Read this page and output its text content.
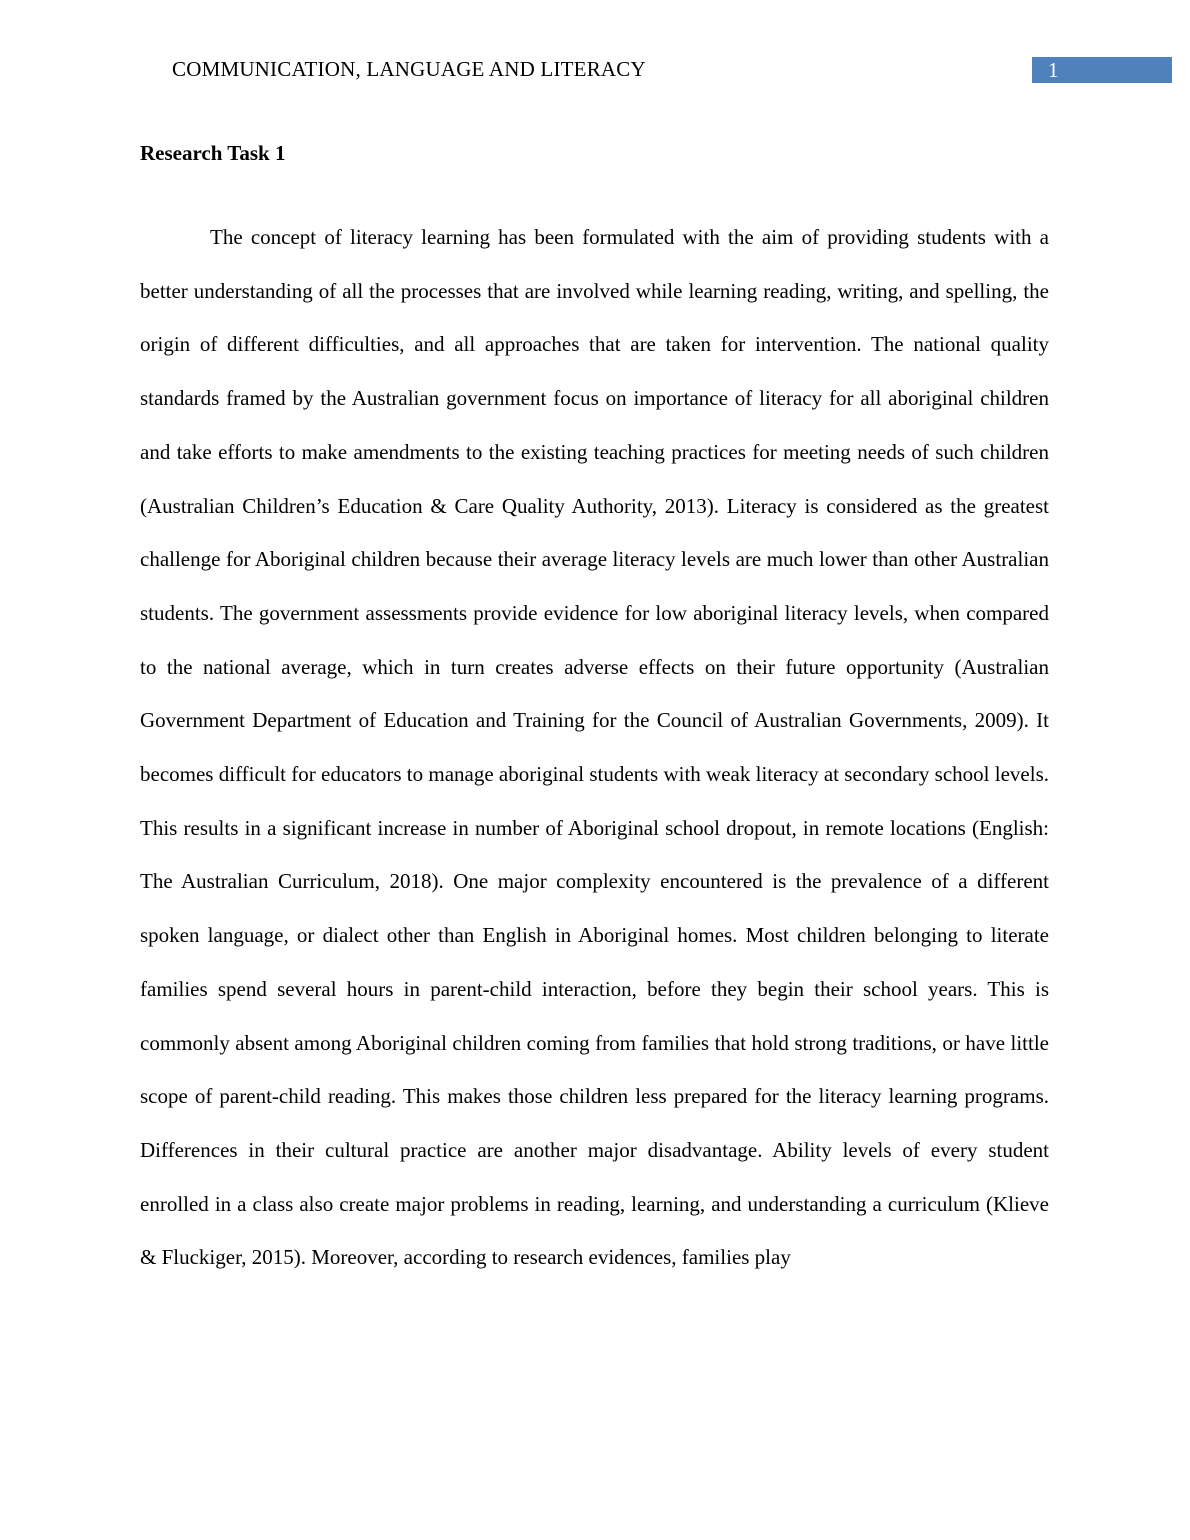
COMMUNICATION, LANGUAGE AND LITERACY	1
Research Task 1

The concept of literacy learning has been formulated with the aim of providing students with a better understanding of all the processes that are involved while learning reading, writing, and spelling, the origin of different difficulties, and all approaches that are taken for intervention. The national quality standards framed by the Australian government focus on importance of literacy for all aboriginal children and take efforts to make amendments to the existing teaching practices for meeting needs of such children (Australian Children’s Education & Care Quality Authority, 2013). Literacy is considered as the greatest challenge for Aboriginal children because their average literacy levels are much lower than other Australian students. The government assessments provide evidence for low aboriginal literacy levels, when compared to the national average, which in turn creates adverse effects on their future opportunity (Australian Government Department of Education and Training for the Council of Australian Governments, 2009). It becomes difficult for educators to manage aboriginal students with weak literacy at secondary school levels. This results in a significant increase in number of Aboriginal school dropout, in remote locations (English: The Australian Curriculum, 2018). One major complexity encountered is the prevalence of a different spoken language, or dialect other than English in Aboriginal homes. Most children belonging to literate families spend several hours in parent-child interaction, before they begin their school years. This is commonly absent among Aboriginal children coming from families that hold strong traditions, or have little scope of parent-child reading. This makes those children less prepared for the literacy learning programs. Differences in their cultural practice are another major disadvantage. Ability levels of every student enrolled in a class also create major problems in reading, learning, and understanding a curriculum (Klieve & Fluckiger, 2015). Moreover, according to research evidences, families play
